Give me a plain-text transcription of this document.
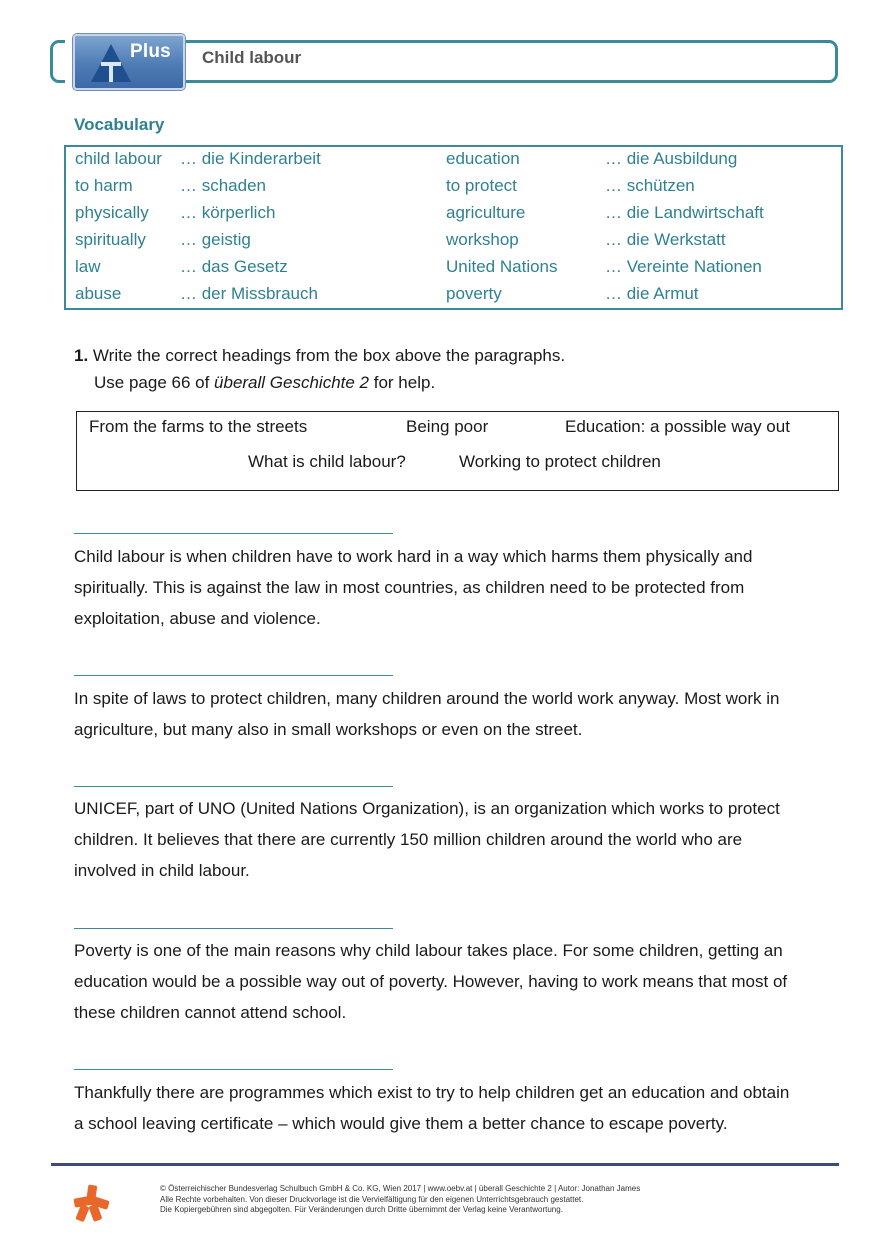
Plus Child labour
Vocabulary
child labour … die Kinderarbeit	education	… die Ausbildung
to harm	… schaden	to protect	… schützen
physically … körperlich	agriculture	… die Landwirtschaft
spiritually … geistig	workshop	… die Werkstatt
law	… das Gesetz	United Nations	… Vereinte Nationen
abuse	… der Missbrauch	poverty	… die Armut
1. Write the correct headings from the box above the paragraphs.
Use page 66 of überall Geschichte 2 for help.
From the farms to the streets	Being poor	Education: a possible way out
What is child labour?	Working to protect children
Child labour is when children have to work hard in a way which harms them physically and
spiritually. This is against the law in most countries, as children need to be protected from
exploitation, abuse and violence.
In spite of laws to protect children, many children around the world work anyway. Most work in
agriculture, but many also in small workshops or even on the street.
UNICEF, part of UNO (United Nations Organization), is an organization which works to protect
children. It believes that there are currently 150 million children around the world who are
involved in child labour.
Poverty is one of the main reasons why child labour takes place. For some children, getting an
education would be a possible way out of poverty. However, having to work means that most of
these children cannot attend school.
Thankfully there are programmes which exist to try to help children get an education and obtain
a school leaving certificate – which would give them a better chance to escape poverty.
© Österreichischer Bundesverlag Schulbuch GmbH & Co. KG, Wien 2017 | www.oebv.at | überall Geschichte 2 | Autor: Jonathan James
Alle Rechte vorbehalten. Von dieser Druckvorlage ist die Vervielfältigung für den eigenen Unterrichtsgebrauch gestattet.
Die Kopiergebühren sind abgegolten. Für Veränderungen durch Dritte übernimmt der Verlag keine Verantwortung.
